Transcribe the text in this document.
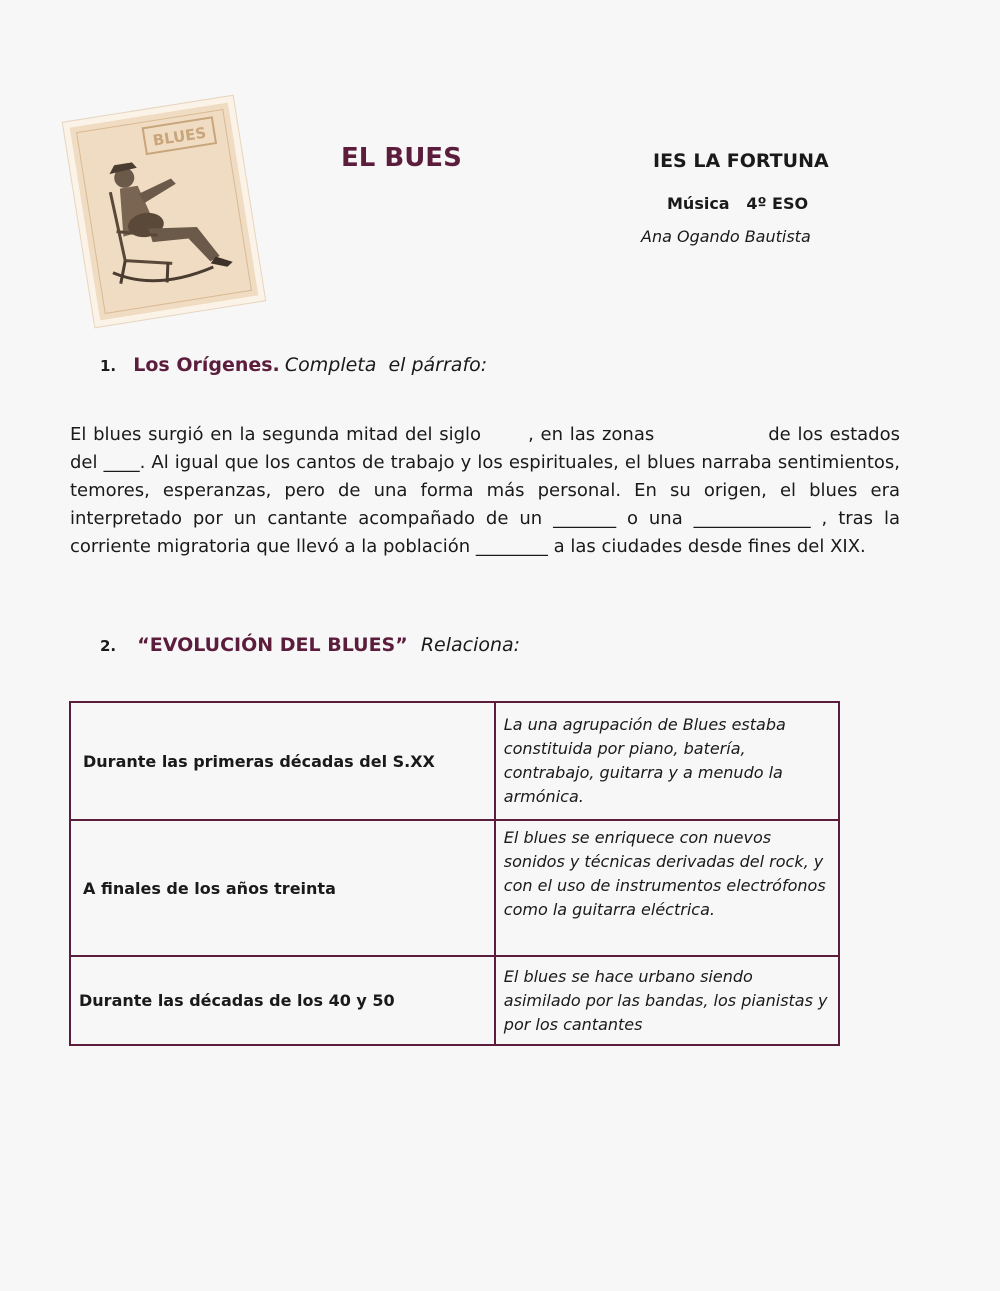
BLUES
EL BUES	IES LA FORTUNA
Música   4º ESO
Ana Ogando Bautista
1. Los Orígenes. Completa  el párrafo:
El blues surgió en la segunda mitad del siglo	, en las zonas	de los estados del ____. Al igual que los cantos de trabajo y los espirituales, el blues narraba sentimientos, temores, esperanzas, pero de una forma más personal. En su origen, el blues era interpretado por un cantante acompañado de un _______ o una _____________ , tras la corriente migratoria que llevó a la población ________ a las ciudades desde fines del XIX.
2. “EVOLUCIÓN DEL BLUES” Relaciona:
Durante las primeras décadas del S.XX	La una agrupación de Blues estaba constituida por piano, batería, contrabajo, guitarra y a menudo la armónica.

A finales de los años treinta	El blues se enriquece con nuevos sonidos y técnicas derivadas del rock, y con el uso de instrumentos electrófonos como la guitarra eléctrica.

Durante las décadas de los 40 y 50	El blues se hace urbano siendo asimilado por las bandas, los pianistas y por los cantantes
